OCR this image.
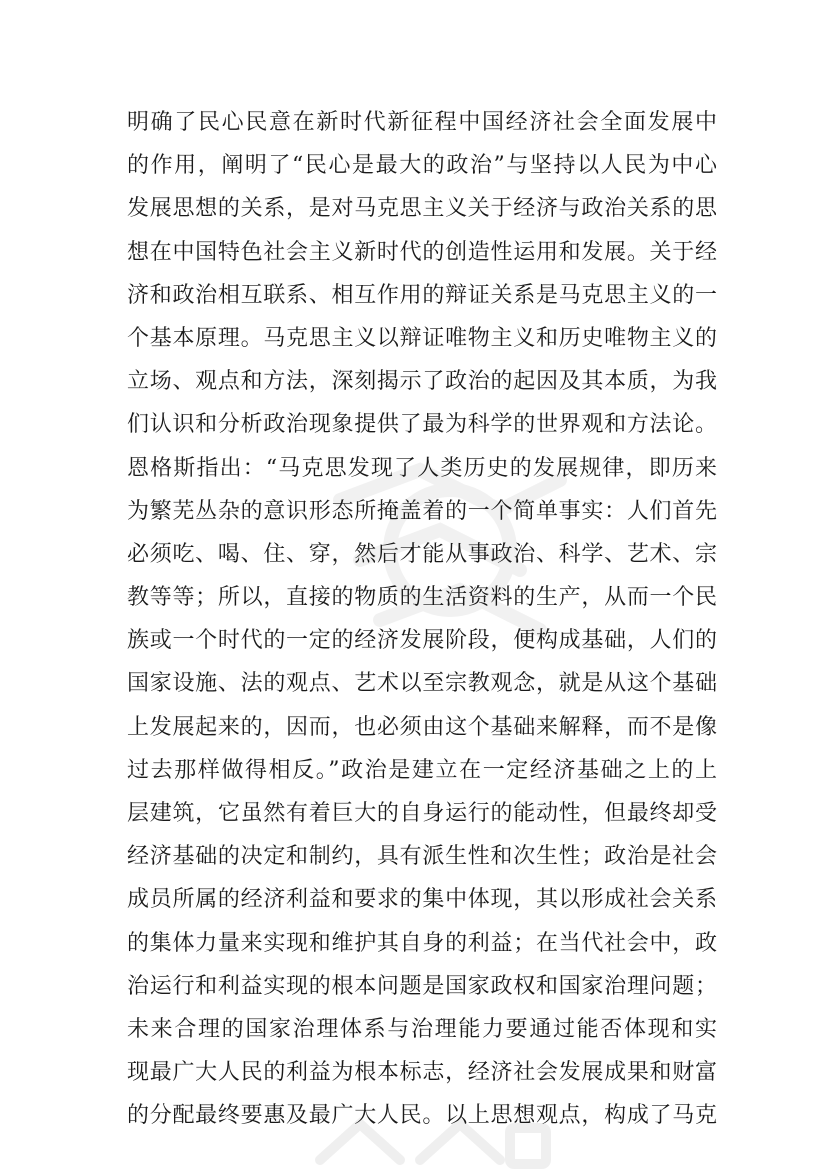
明确了民心民意在新时代新征程中国经济社会全面发展中
的作用，阐明了“民心是最大的政治”与坚持以人民为中心
发展思想的关系，是对马克思主义关于经济与政治关系的思
想在中国特色社会主义新时代的创造性运用和发展。关于经
济和政治相互联系、相互作用的辩证关系是马克思主义的一
个基本原理。马克思主义以辩证唯物主义和历史唯物主义的
立场、观点和方法，深刻揭示了政治的起因及其本质，为我
们认识和分析政治现象提供了最为科学的世界观和方法论。
恩格斯指出：“马克思发现了人类历史的发展规律，即历来
为繁芜丛杂的意识形态所掩盖着的一个简单事实：人们首先
必须吃、喝、住、穿，然后才能从事政治、科学、艺术、宗
教等等；所以，直接的物质的生活资料的生产，从而一个民
族或一个时代的一定的经济发展阶段，便构成基础，人们的
国家设施、法的观点、艺术以至宗教观念，就是从这个基础
上发展起来的，因而，也必须由这个基础来解释，而不是像
过去那样做得相反。”政治是建立在一定经济基础之上的上
层建筑，它虽然有着巨大的自身运行的能动性，但最终却受
经济基础的决定和制约，具有派生性和次生性；政治是社会
成员所属的经济利益和要求的集中体现，其以形成社会关系
的集体力量来实现和维护其自身的利益；在当代社会中，政
治运行和利益实现的根本问题是国家政权和国家治理问题；
未来合理的国家治理体系与治理能力要通过能否体现和实
现最广大人民的利益为根本标志，经济社会发展成果和财富
的分配最终要惠及最广大人民。以上思想观点，构成了马克
